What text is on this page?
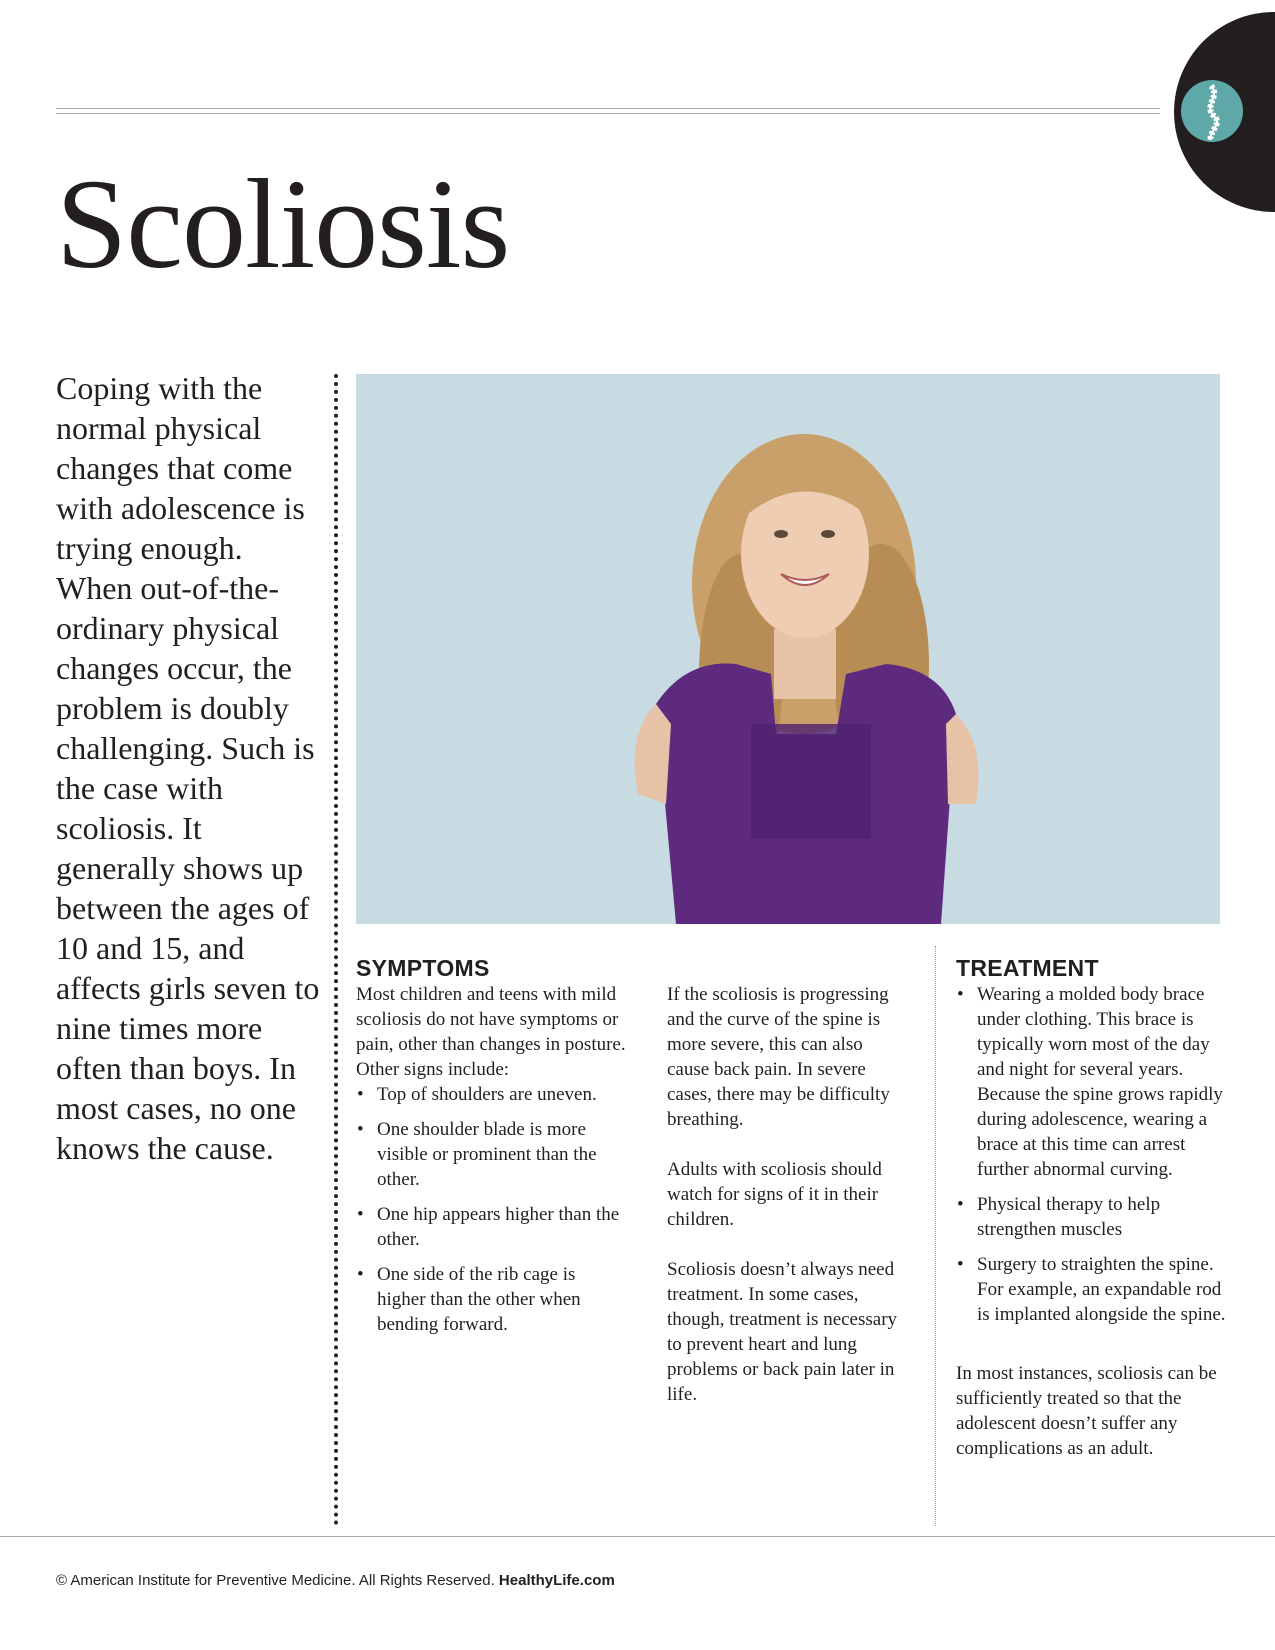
Scoliosis

Coping with the normal physical changes that come with adolescence is trying enough. When out-of-the-ordinary physical changes occur, the problem is doubly challenging. Such is the case with scoliosis. It generally shows up between the ages of 10 and 15, and affects girls seven to nine times more often than boys. In most cases, no one knows the cause.

SYMPTOMS

Most children and teens with mild scoliosis do not have symptoms or pain, other than changes in posture. Other signs include:

• Top of shoulders are uneven.
• One shoulder blade is more visible or prominent than the other.
• One hip appears higher than the other.
• One side of the rib cage is higher than the other when bending forward.

If the scoliosis is progressing and the curve of the spine is more severe, this can also cause back pain. In severe cases, there may be difficulty breathing.

Adults with scoliosis should watch for signs of it in their children.

Scoliosis doesn’t always need treatment. In some cases, though, treatment is necessary to prevent heart and lung problems or back pain later in life.

TREATMENT
• Wearing a molded body brace under clothing. This brace is typically worn most of the day and night for several years. Because the spine grows rapidly during adolescence, wearing a brace at this time can arrest further abnormal curving.
• Physical therapy to help strengthen muscles
• Surgery to straighten the spine. For example, an expandable rod is implanted alongside the spine.

In most instances, scoliosis can be sufficiently treated so that the adolescent doesn’t suffer any complications as an adult.

© American Institute for Preventive Medicine. All Rights Reserved. HealthyLife.com
